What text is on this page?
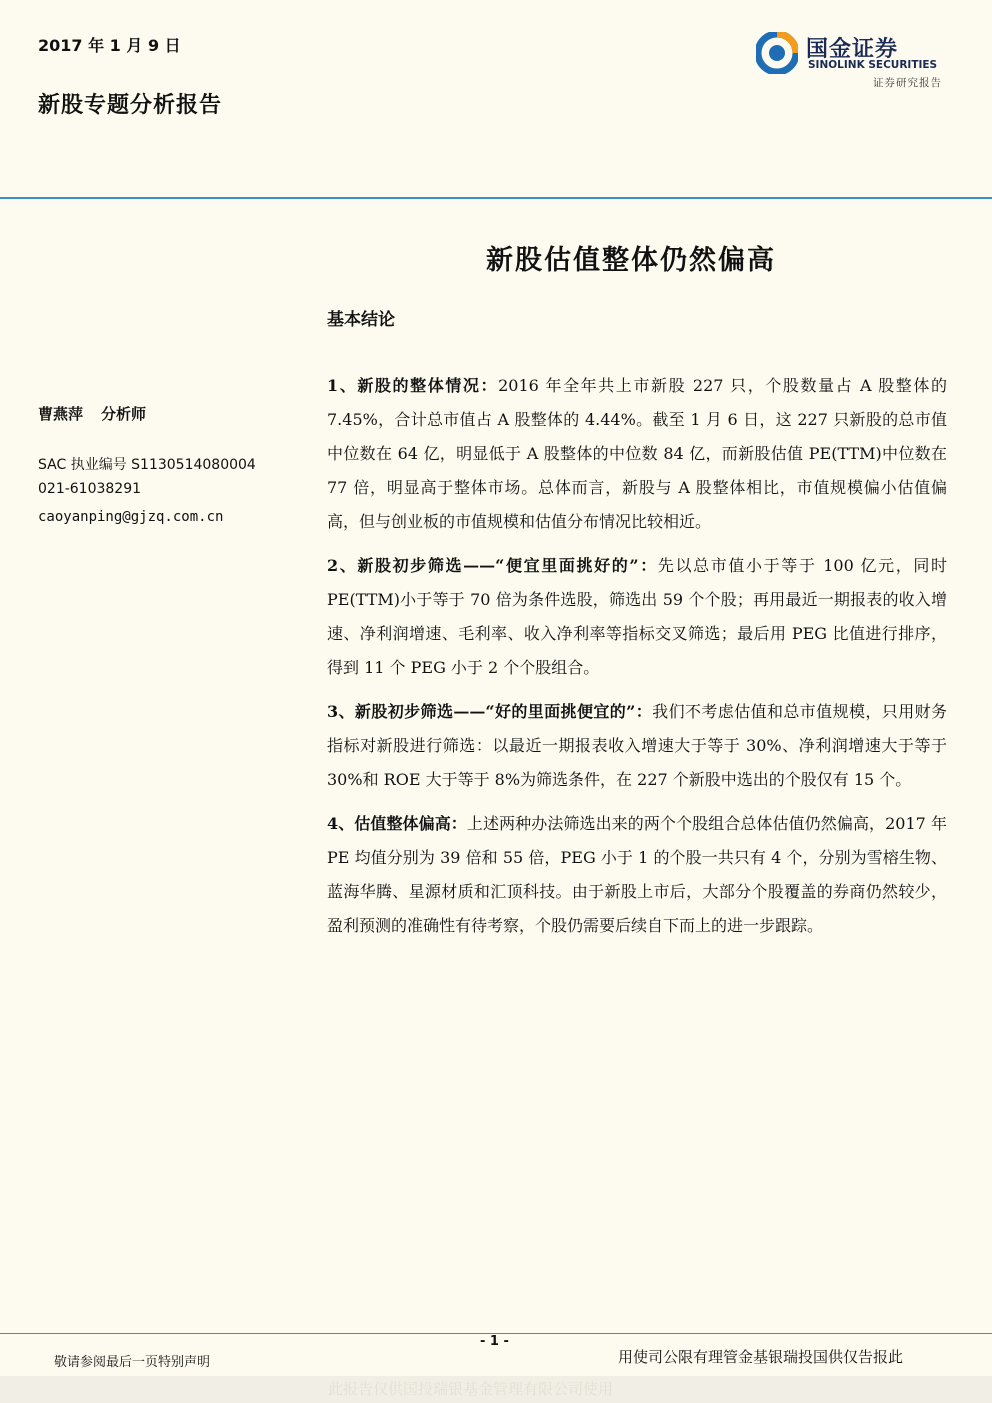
2017 年 1 月 9 日
新股专题分析报告
国金证券
SINOLINK SECURITIES
证券研究报告
新股估值整体仍然偏高
基本结论
曹燕萍 分析师
SAC 执业编号 S1130514080004
021-61038291
caoyanping@gjzq.com.cn

1、新股的整体情况：2016 年全年共上市新股 227 只，个股数量占 A 股整体的 7.45%，合计总市值占 A 股整体的 4.44%。截至 1 月 6 日，这 227 只新股的总市值中位数在 64 亿，明显低于 A 股整体的中位数 84 亿，而新股估值 PE(TTM)中位数在 77 倍，明显高于整体市场。总体而言，新股与 A 股整体相比，市值规模偏小估值偏高，但与创业板的市值规模和估值分布情况比较相近。

2、新股初步筛选——“便宜里面挑好的”：先以总市值小于等于 100 亿元，同时 PE(TTM)小于等于 70 倍为条件选股，筛选出 59 个个股；再用最近一期报表的收入增速、净利润增速、毛利率、收入净利率等指标交叉筛选；最后用 PEG 比值进行排序，得到 11 个 PEG 小于 2 个个股组合。

3、新股初步筛选——“好的里面挑便宜的”：我们不考虑估值和总市值规模，只用财务指标对新股进行筛选：以最近一期报表收入增速大于等于 30%、净利润增速大于等于 30%和 ROE 大于等于 8%为筛选条件，在 227 个新股中选出的个股仅有 15 个。

4、估值整体偏高：上述两种办法筛选出来的两个个股组合总体估值仍然偏高，2017 年 PE 均值分别为 39 倍和 55 倍，PEG 小于 1 的个股一共只有 4 个，分别为雪榕生物、蓝海华腾、星源材质和汇顶科技。由于新股上市后，大部分个股覆盖的券商仍然较少，盈利预测的准确性有待考察，个股仍需要后续自下而上的进一步跟踪。

- 1 -
敬请参阅最后一页特别声明	用使司公限有理管金基银瑞投国供仅告报此
此报告仅供国投瑞银基金管理有限公司使用
